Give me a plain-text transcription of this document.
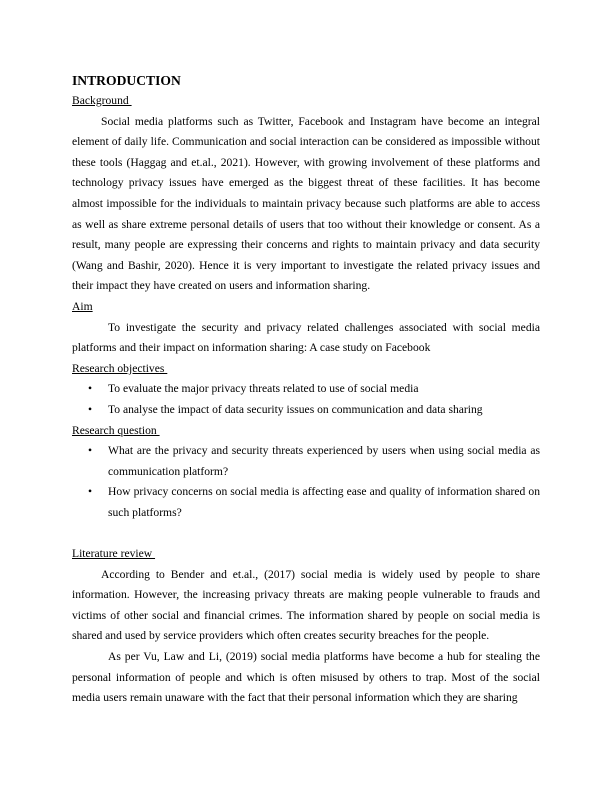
INTRODUCTION
Background

Social media platforms such as Twitter, Facebook and Instagram have become an integral element of daily life. Communication and social interaction can be considered as impossible without these tools (Haggag and et.al., 2021). However, with growing involvement of these platforms and technology privacy issues have emerged as the biggest threat of these facilities. It has become almost impossible for the individuals to maintain privacy because such platforms are able to access as well as share extreme personal details of users that too without their knowledge or consent. As a result, many people are expressing their concerns and rights to maintain privacy and data security (Wang and Bashir, 2020). Hence it is very important to investigate the related privacy issues and their impact they have created on users and information sharing.

Aim

To investigate the security and privacy related challenges associated with social media platforms and their impact on information sharing: A case study on Facebook

Research objectives
• To evaluate the major privacy threats related to use of social media
• To analyse the impact of data security issues on communication and data sharing
Research question
• What are the privacy and security threats experienced by users when using social media as communication platform?
• How privacy concerns on social media is affecting ease and quality of information shared on such platforms?
Literature review

According to Bender and et.al., (2017) social media is widely used by people to share information. However, the increasing privacy threats are making people vulnerable to frauds and victims of other social and financial crimes. The information shared by people on social media is shared and used by service providers which often creates security breaches for the people.

As per Vu, Law and Li, (2019) social media platforms have become a hub for stealing the personal information of people and which is often misused by others to trap. Most of the social media users remain unaware with the fact that their personal information which they are sharing
